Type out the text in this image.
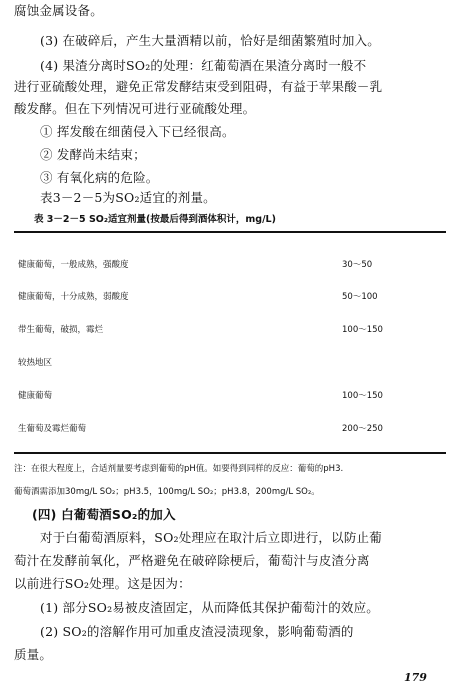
腐蚀金属设备。
(3) 在破碎后，产生大量酒精以前，恰好是细菌繁殖时加入。
(4) 果渣分离时SO₂的处理：红葡萄酒在果渣分离时一般不
进行亚硫酸处理，避免正常发酵结束受到阻碍，有益于苹果酸－乳
酸发酵。但在下列情况可进行亚硫酸处理。
① 挥发酸在细菌侵入下已经很高。
② 发酵尚未结束；
③ 有氧化病的危险。
表3－2－5为SO₂适宜的剂量。
表 3－2－5 SO₂适宜剂量(按最后得到酒体积计，mg/L)
健康葡萄，一般成熟，强酸度	30～50
健康葡萄，十分成熟，弱酸度	50～100
带生葡萄，破损，霉烂	100～150
较热地区
健康葡萄	100～150
生葡萄及霉烂葡萄	200～250
注：在很大程度上，合适剂量要考虑到葡萄的pH值。如要得到同样的反应：葡萄的pH3.
葡萄酒需添加30mg/L SO₂；pH3.5，100mg/L SO₂；pH3.8，200mg/L SO₂。
(四) 白葡萄酒SO₂的加入
对于白葡萄酒原料，SO₂处理应在取汁后立即进行，以防止葡
萄汁在发酵前氧化，严格避免在破碎除梗后，葡萄汁与皮渣分离
以前进行SO₂处理。这是因为：
(1) 部分SO₂易被皮渣固定，从而降低其保护葡萄汁的效应。
(2) SO₂的溶解作用可加重皮渣浸渍现象，影响葡萄酒的
质量。
179
